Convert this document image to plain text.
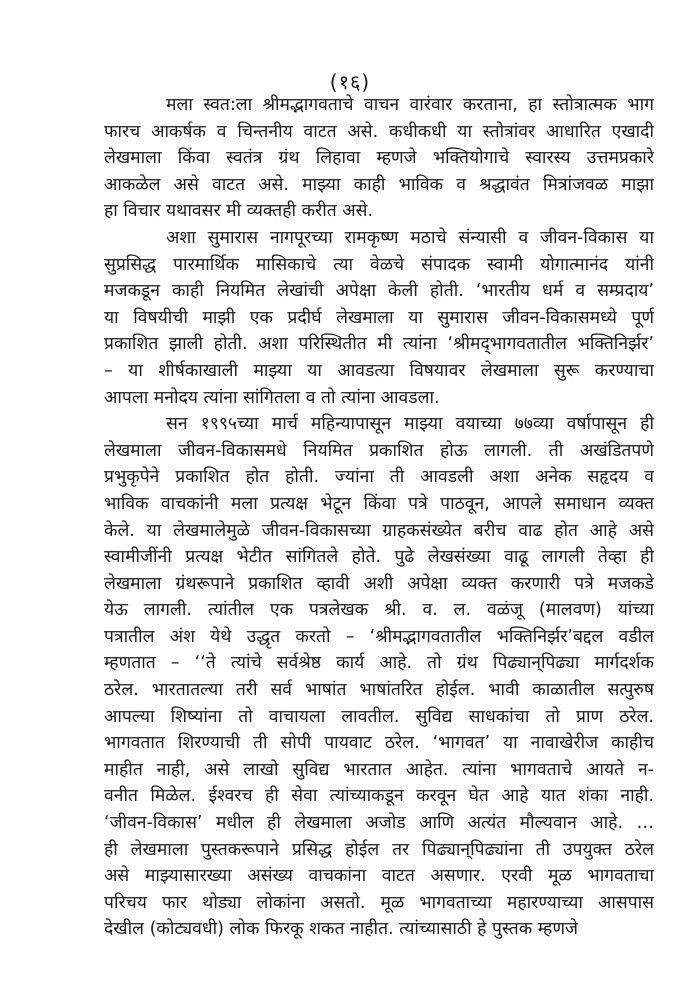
(१६)
मला स्वत:ला श्रीमद्भागवताचे वाचन वारंवार करताना, हा स्तोत्रात्मक भाग
फारच आकर्षक व चिन्तनीय वाटत असे. कधीकधी या स्तोत्रांवर आधारित एखादी
लेखमाला किंवा स्वतंत्र ग्रंथ लिहावा म्हणजे भक्तियोगाचे स्वारस्य उत्तमप्रकारे
आकळेल असे वाटत असे. माझ्या काही भाविक व श्रद्धावंत मित्रांजवळ माझा
हा विचार यथावसर मी व्यक्तही करीत असे.
अशा सुमारास नागपूरच्या रामकृष्ण मठाचे संन्यासी व जीवन-विकास या
सुप्रसिद्ध पारमार्थिक मासिकाचे त्या वेळचे संपादक स्वामी योगात्मानंद यांनी
मजकडून काही नियमित लेखांची अपेक्षा केली होती. ‘भारतीय धर्म व सम्प्रदाय’
या विषयीची माझी एक प्रदीर्घ लेखमाला या सुमारास जीवन-विकासमध्ये पूर्ण
प्रकाशित झाली होती. अशा परिस्थितीत मी त्यांना ‘श्रीमद्‌भागवतातील भक्तिनिर्झर’
– या शीर्षकाखाली माझ्या या आवडत्या विषयावर लेखमाला सुरू करण्याचा
आपला मनोदय त्यांना सांगितला व तो त्यांना आवडला.
सन १९९५च्या मार्च महिन्यापासून माझ्या वयाच्या ७७व्या वर्षापासून ही
लेखमाला जीवन-विकासमधे नियमित प्रकाशित होऊ लागली. ती अखंडितपणे
प्रभुकृपेने प्रकाशित होत होती. ज्यांना ती आवडली अशा अनेक सहृदय व
भाविक वाचकांनी मला प्रत्यक्ष भेटून किंवा पत्रे पाठवून, आपले समाधान व्यक्त
केले. या लेखमालेमुळे जीवन-विकासच्या ग्राहकसंख्येत बरीच वाढ होत आहे असे
स्वामीजींनी प्रत्यक्ष भेटीत सांगितले होते. पुढे लेखसंख्या वाढू लागली तेव्हा ही
लेखमाला ग्रंथरूपाने प्रकाशित व्हावी अशी अपेक्षा व्यक्त करणारी पत्रे मजकडे
येऊ लागली. त्यांतील एक पत्रलेखक श्री. व. ल. वळंजू (मालवण) यांच्या
पत्रातील अंश येथे उद्धृत करतो – ‘श्रीमद्भागवतातील भक्तिनिर्झर’बद्दल वडील
म्हणतात – ‘‘ते त्यांचे सर्वश्रेष्ठ कार्य आहे. तो ग्रंथ पिढ्यान्‌पिढ्या मार्गदर्शक
ठरेल. भारतातल्या तरी सर्व भाषांत भाषांतरित होईल. भावी काळातील सत्पुरुष
आपल्या शिष्यांना तो वाचायला लावतील. सुविद्य साधकांचा तो प्राण ठरेल.
भागवतात शिरण्याची ती सोपी पायवाट ठरेल. ‘भागवत’ या नावाखेरीज काहीच
माहीत नाही, असे लाखो सुविद्य भारतात आहेत. त्यांना भागवताचे आयते न-
वनीत मिळेल. ईश्वरच ही सेवा त्यांच्याकडून करवून घेत आहे यात शंका नाही.
‘जीवन-विकास’ मधील ही लेखमाला अजोड आणि अत्यंत मौल्यवान आहे. …
ही लेखमाला पुस्तकरूपाने प्रसिद्ध होईल तर पिढ्यान्‌पिढ्यांना ती उपयुक्त ठरेल
असे माझ्यासारख्या असंख्य वाचकांना वाटत असणार. एरवी मूळ भागवताचा
परिचय फार थोड्या लोकांना असतो. मूळ भागवताच्या महारण्याच्या आसपास
देखील (कोट्यवधी) लोक फिरकू शकत नाहीत. त्यांच्यासाठी हे पुस्तक म्हणजे
